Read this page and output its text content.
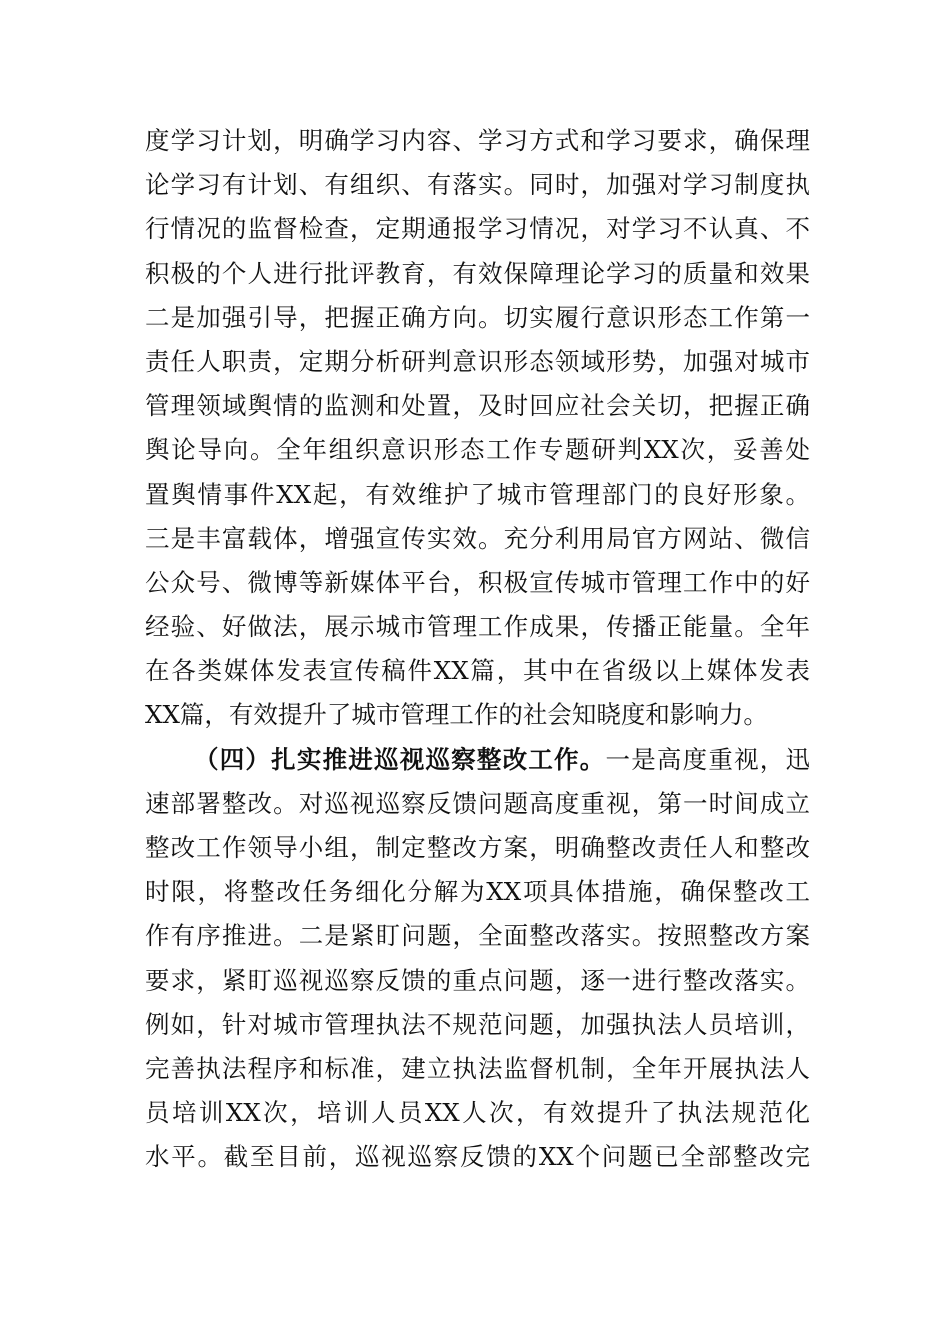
度学习计划，明确学习内容、学习方式和学习要求，确保理
论学习有计划、有组织、有落实。同时，加强对学习制度执
行情况的监督检查，定期通报学习情况，对学习不认真、不
积极的个人进行批评教育，有效保障理论学习的质量和效果
二是加强引导，把握正确方向。切实履行意识形态工作第一
责任人职责，定期分析研判意识形态领域形势，加强对城市
管理领域舆情的监测和处置，及时回应社会关切，把握正确
舆论导向。全年组织意识形态工作专题研判XX次，妥善处
置舆情事件XX起，有效维护了城市管理部门的良好形象。
三是丰富载体，增强宣传实效。充分利用局官方网站、微信
公众号、微博等新媒体平台，积极宣传城市管理工作中的好
经验、好做法，展示城市管理工作成果，传播正能量。全年
在各类媒体发表宣传稿件XX篇，其中在省级以上媒体发表
XX篇，有效提升了城市管理工作的社会知晓度和影响力。
（四）扎实推进巡视巡察整改工作。一是高度重视，迅
速部署整改。对巡视巡察反馈问题高度重视，第一时间成立
整改工作领导小组，制定整改方案，明确整改责任人和整改
时限，将整改任务细化分解为XX项具体措施，确保整改工
作有序推进。二是紧盯问题，全面整改落实。按照整改方案
要求，紧盯巡视巡察反馈的重点问题，逐一进行整改落实。
例如，针对城市管理执法不规范问题，加强执法人员培训，
完善执法程序和标准，建立执法监督机制，全年开展执法人
员培训XX次，培训人员XX人次，有效提升了执法规范化
水平。截至目前，巡视巡察反馈的XX个问题已全部整改完
